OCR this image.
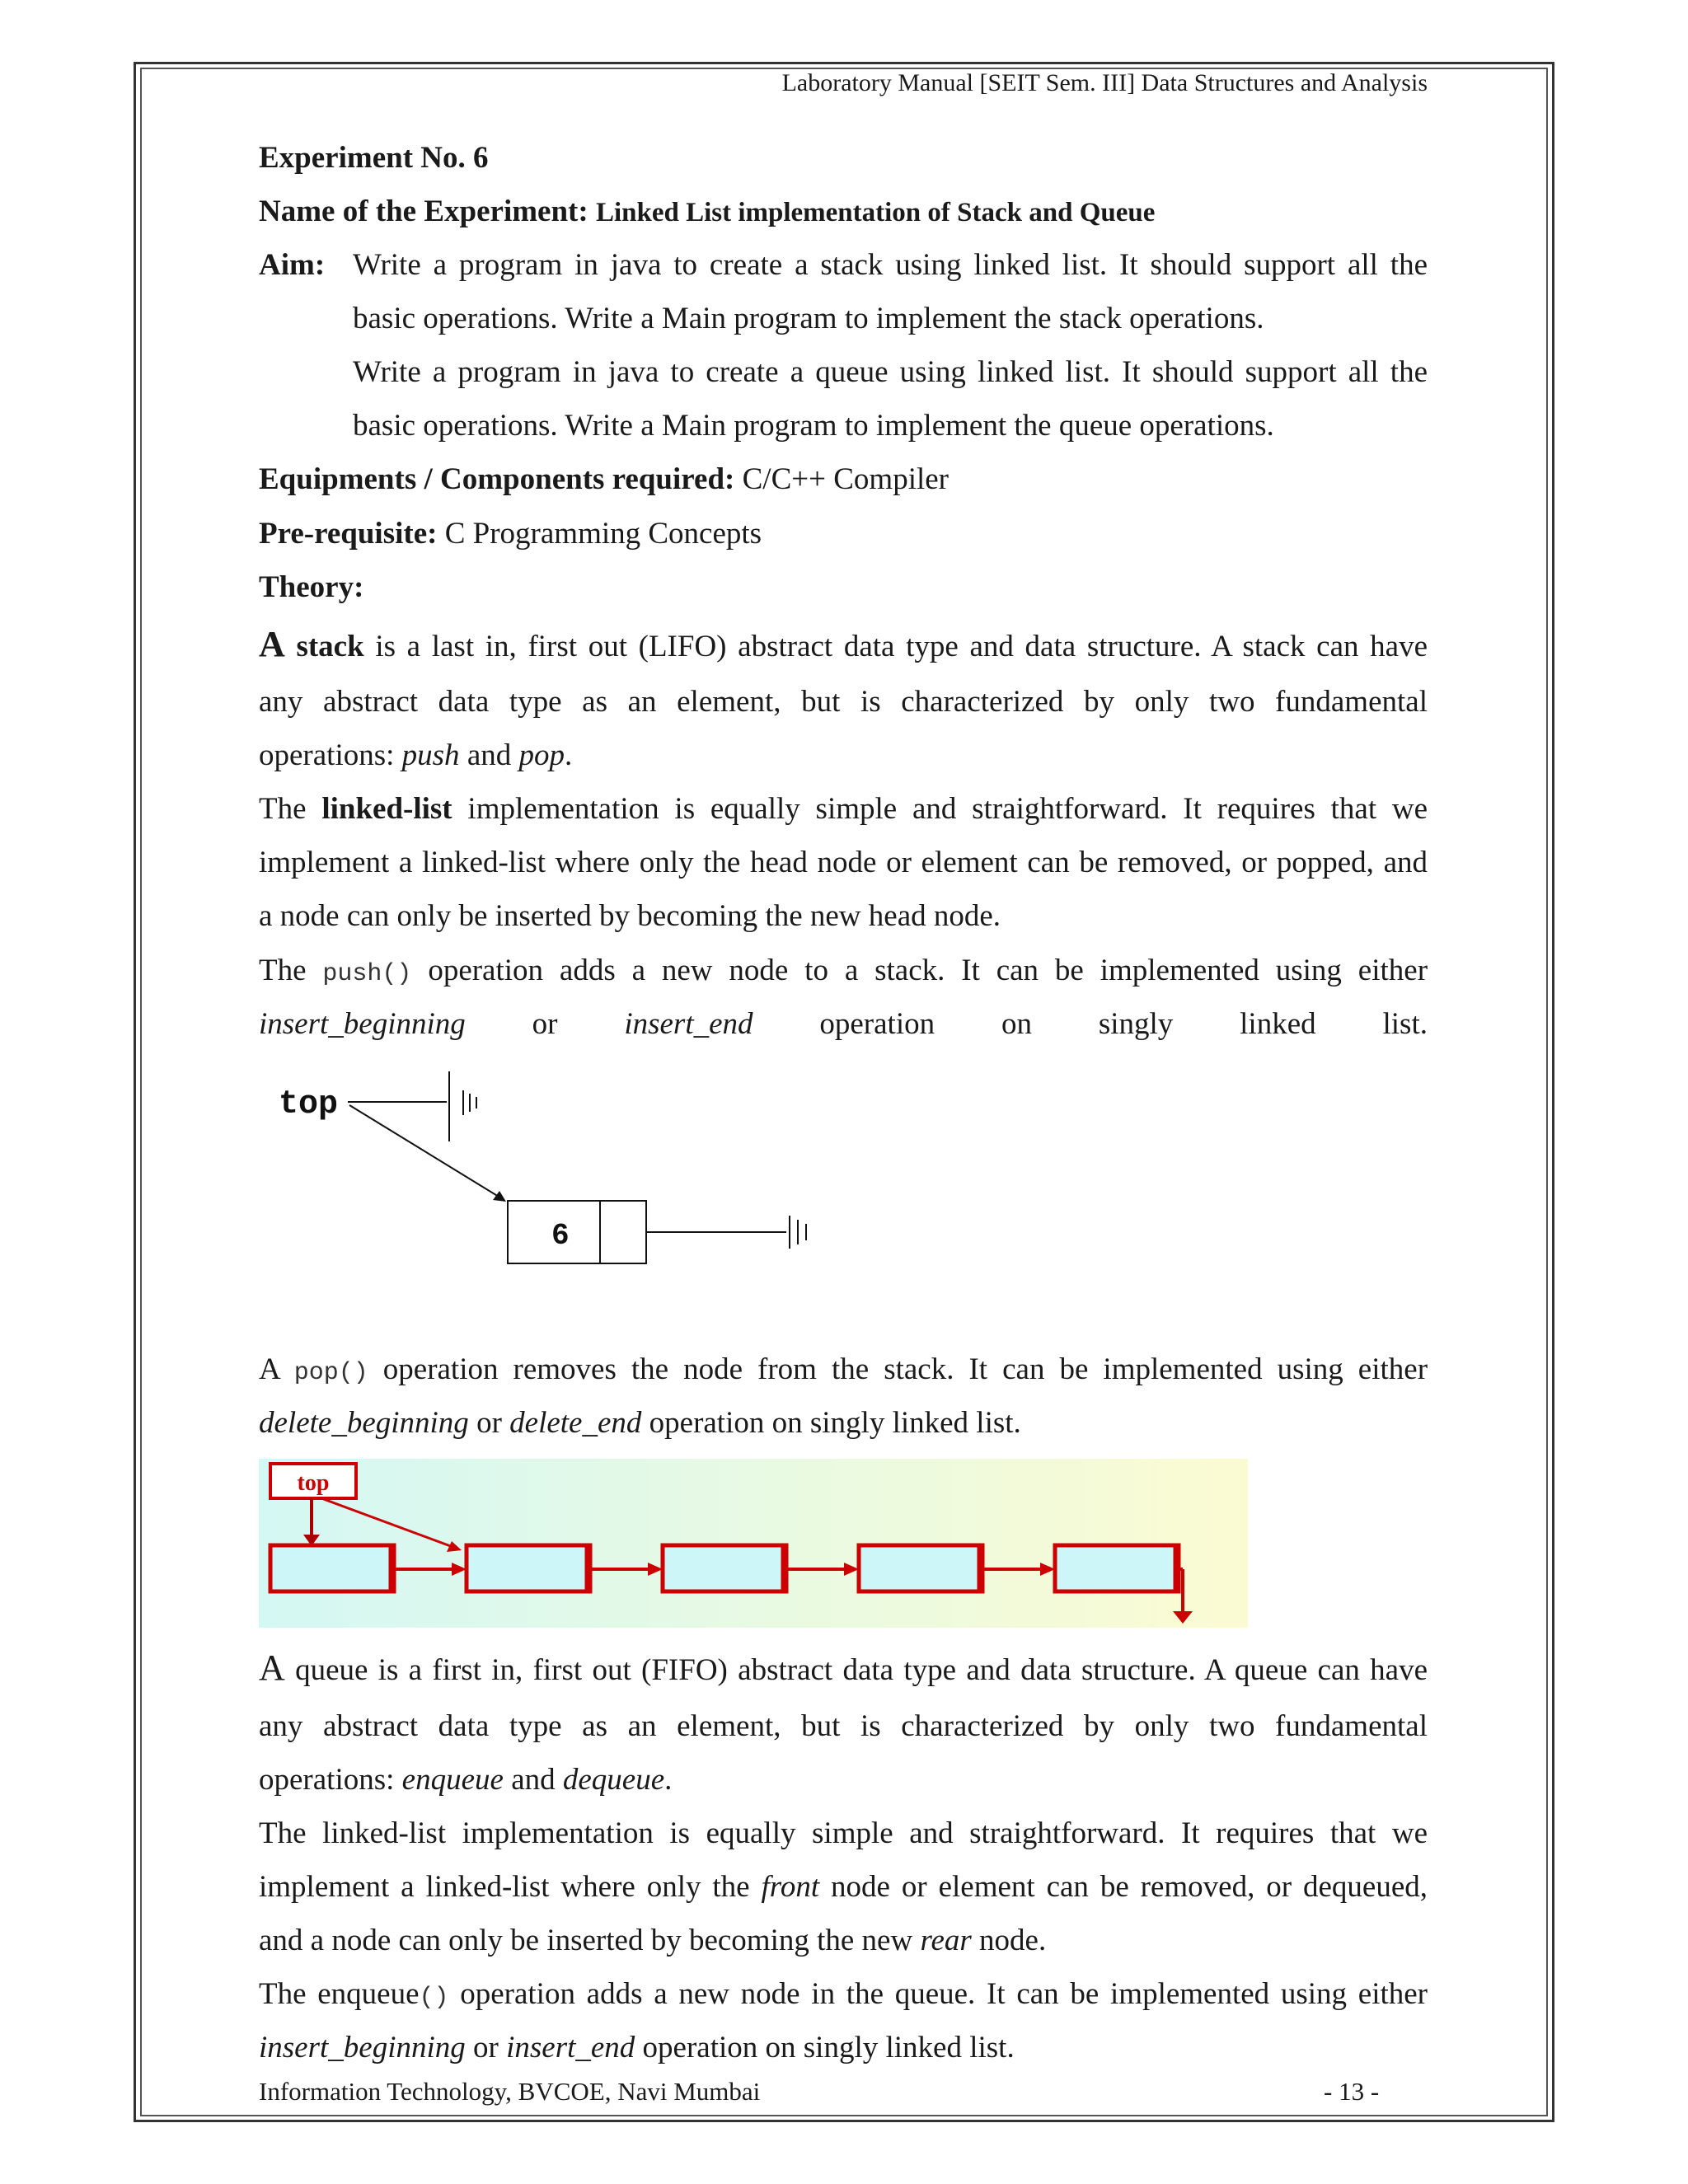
Laboratory Manual [SEIT Sem. III] Data Structures and Analysis
Experiment No. 6
Name of the Experiment: Linked List implementation of Stack and Queue
Aim: Write a program in java to create a stack using linked list. It should support all the
basic operations. Write a Main program to implement the stack operations.
Write a program in java to create a queue using linked list. It should support all the
basic operations. Write a Main program to implement the queue operations.
Equipments / Components required: C/C++ Compiler
Pre-requisite: C Programming Concepts
Theory:
A stack is a last in, first out (LIFO) abstract data type and data structure. A stack can have
any abstract data type as an element, but is characterized by only two fundamental
operations: push and pop.
The linked-list implementation is equally simple and straightforward. It requires that we
implement a linked-list where only the head node or element can be removed, or popped, and
a node can only be inserted by becoming the new head node.
The push() operation adds a new node to a stack. It can be implemented using either
insert_beginning or insert_end operation on singly linked list.
top
6
A pop() operation removes the node from the stack. It can be implemented using either
delete_beginning or delete_end operation on singly linked list.
top
A queue is a first in, first out (FIFO) abstract data type and data structure. A queue can have
any abstract data type as an element, but is characterized by only two fundamental
operations: enqueue and dequeue.
The linked-list implementation is equally simple and straightforward. It requires that we
implement a linked-list where only the front node or element can be removed, or dequeued,
and a node can only be inserted by becoming the new rear node.
The enqueue() operation adds a new node in the queue. It can be implemented using either
insert_beginning or insert_end operation on singly linked list.
Information Technology, BVCOE, Navi Mumbai	- 13 -
